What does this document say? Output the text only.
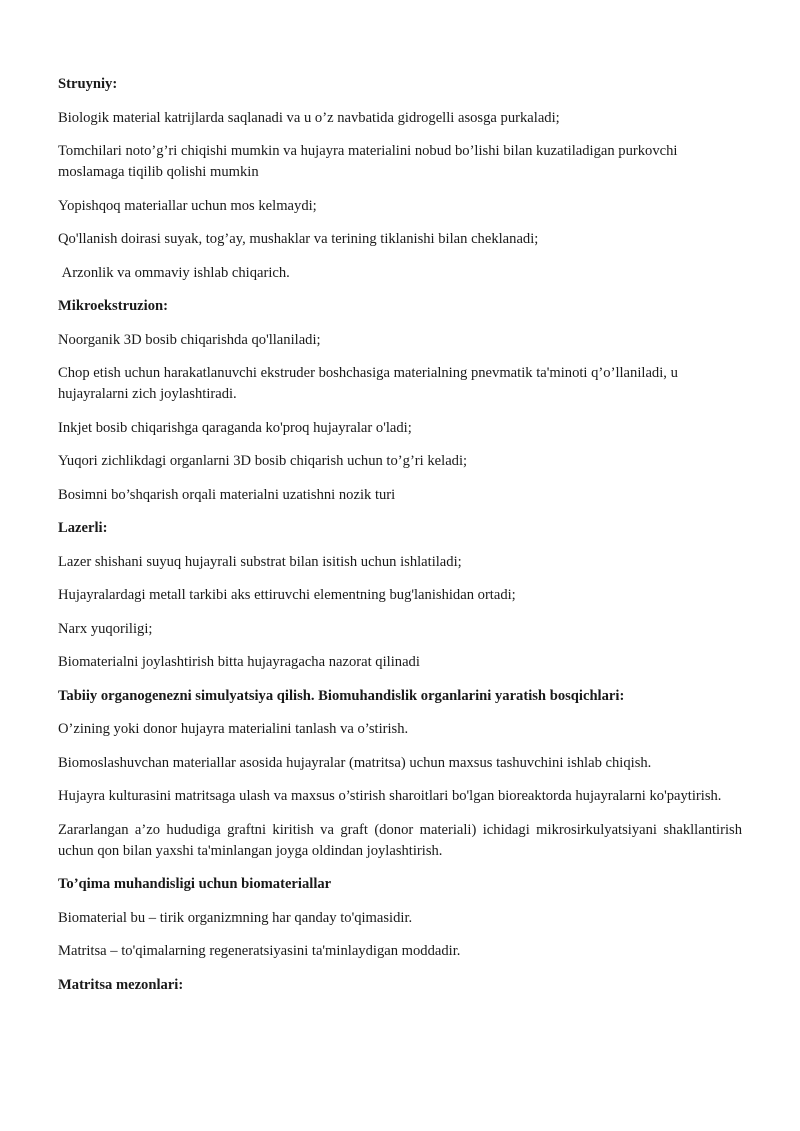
Struyniy:

Biologik material katrijlarda saqlanadi va u o’z navbatida gidrogelli asosga purkaladi;

Tomchilari noto’g’ri chiqishi mumkin va hujayra materialini nobud bo’lishi bilan kuzatiladigan purkovchi moslamaga tiqilib qolishi mumkin

Yopishqoq materiallar uchun mos kelmaydi;

Qo'llanish doirasi suyak, tog’ay, mushaklar va terining tiklanishi bilan cheklanadi;

Arzonlik va ommaviy ishlab chiqarich.

Mikroekstruzion:

Noorganik 3D bosib chiqarishda qo'llaniladi;

Chop etish uchun harakatlanuvchi ekstruder boshchasiga materialning pnevmatik ta'minoti q’o’llaniladi, u hujayralarni zich joylashtiradi.

Inkjet bosib chiqarishga qaraganda ko'proq hujayralar o'ladi;

Yuqori zichlikdagi organlarni 3D bosib chiqarish uchun to’g’ri keladi;

Bosimni bo’shqarish orqali materialni uzatishni nozik turi

Lazerli:

Lazer shishani suyuq hujayrali substrat bilan isitish uchun ishlatiladi;

Hujayralardagi metall tarkibi aks ettiruvchi elementning bug'lanishidan ortadi;

Narx yuqoriligi;

Biomaterialni joylashtirish bitta hujayragacha nazorat qilinadi

Tabiiy organogenezni simulyatsiya qilish. Biomuhandislik organlarini yaratish bosqichlari:

O’zining yoki donor hujayra materialini tanlash va o’stirish.

Biomoslashuvchan materiallar asosida hujayralar (matritsa) uchun maxsus tashuvchini ishlab chiqish.

Hujayra kulturasini matritsaga ulash va maxsus o’stirish sharoitlari bo'lgan bioreaktorda hujayralarni ko'paytirish.

Zararlangan a’zo hududiga graftni kiritish va graft (donor materiali) ichidagi mikrosirkulyatsiyani shakllantirish uchun qon bilan yaxshi ta'minlangan joyga oldindan joylashtirish.

To’qima muhandisligi uchun biomateriallar

Biomaterial bu – tirik organizmning har qanday to'qimasidir.

Matritsa – to'qimalarning regeneratsiyasini ta'minlaydigan moddadir.

Matritsa mezonlari:
